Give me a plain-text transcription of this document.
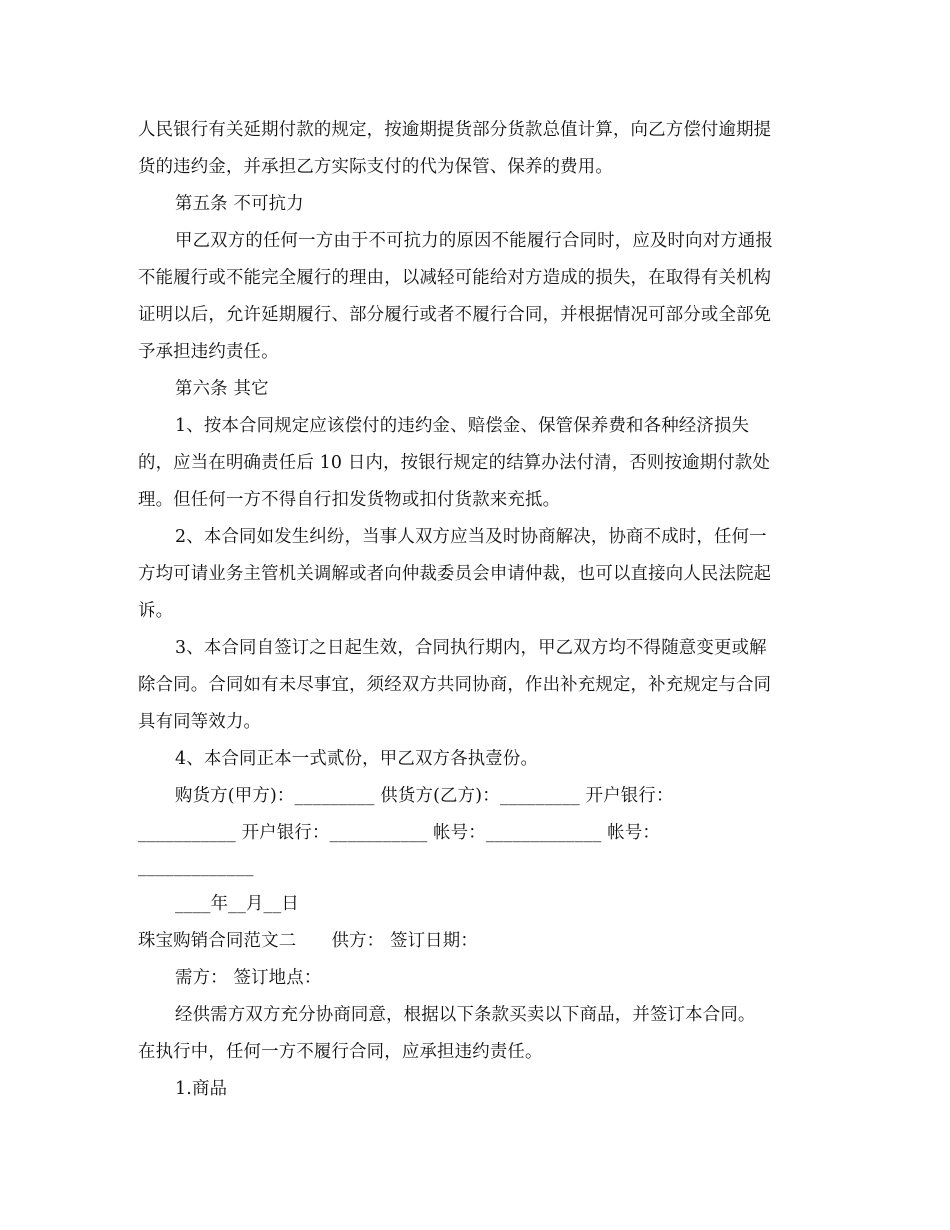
人民银行有关延期付款的规定，按逾期提货部分货款总值计算，向乙方偿付逾期提
货的违约金，并承担乙方实际支付的代为保管、保养的费用。
第五条 不可抗力
甲乙双方的任何一方由于不可抗力的原因不能履行合同时，应及时向对方通报
不能履行或不能完全履行的理由，以减轻可能给对方造成的损失，在取得有关机构
证明以后，允许延期履行、部分履行或者不履行合同，并根据情况可部分或全部免
予承担违约责任。
第六条 其它
1、按本合同规定应该偿付的违约金、赔偿金、保管保养费和各种经济损失
的，应当在明确责任后 10 日内，按银行规定的结算办法付清，否则按逾期付款处
理。但任何一方不得自行扣发货物或扣付货款来充抵。
2、本合同如发生纠纷，当事人双方应当及时协商解决，协商不成时，任何一
方均可请业务主管机关调解或者向仲裁委员会申请仲裁，也可以直接向人民法院起
诉。
3、本合同自签订之日起生效，合同执行期内，甲乙双方均不得随意变更或解
除合同。合同如有未尽事宜，须经双方共同协商，作出补充规定，补充规定与合同
具有同等效力。
4、本合同正本一式贰份，甲乙双方各执壹份。
购货方(甲方)：_________ 供货方(乙方)：_________ 开户银行：
___________ 开户银行：___________ 帐号：_____________ 帐号：
_____________
____年__月__日
珠宝购销合同范文二　　供方： 签订日期：
需方： 签订地点：
经供需方双方充分协商同意，根据以下条款买卖以下商品，并签订本合同。
在执行中，任何一方不履行合同，应承担违约责任。
1.商品
